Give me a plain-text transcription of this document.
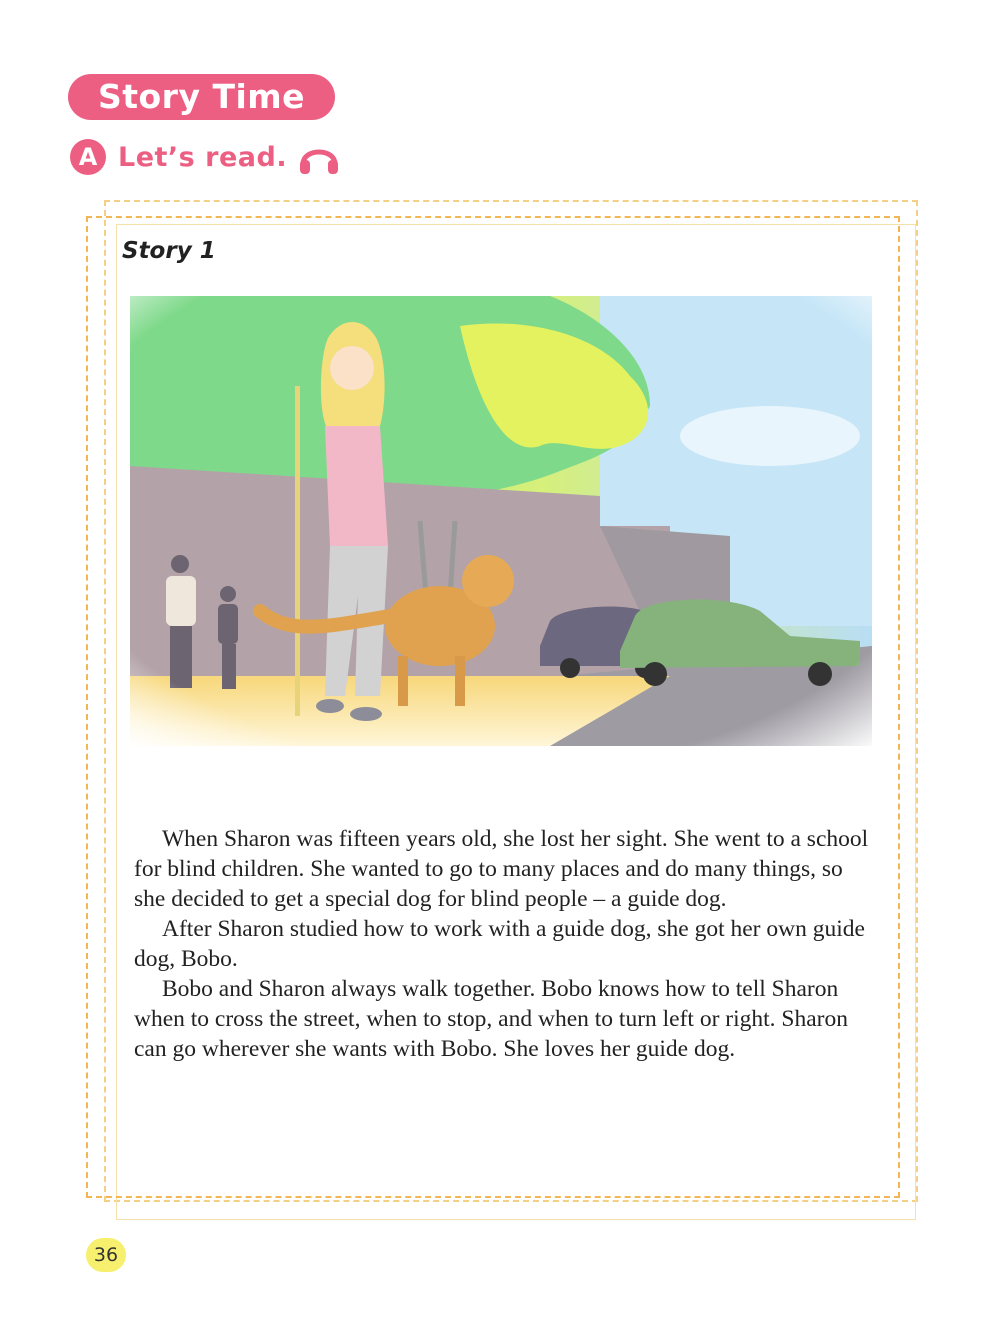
Story Time
A Let’s read.
Story 1

When Sharon was fifteen years old, she lost her sight. She went to a school for blind children. She wanted to go to many places and do many things, so she decided to get a special dog for blind people – a guide dog.

After Sharon studied how to work with a guide dog, she got her own guide dog, Bobo.

Bobo and Sharon always walk together. Bobo knows how to tell Sharon when to cross the street, when to stop, and when to turn left or right. Sharon can go wherever she wants with Bobo. She loves her guide dog.

36
